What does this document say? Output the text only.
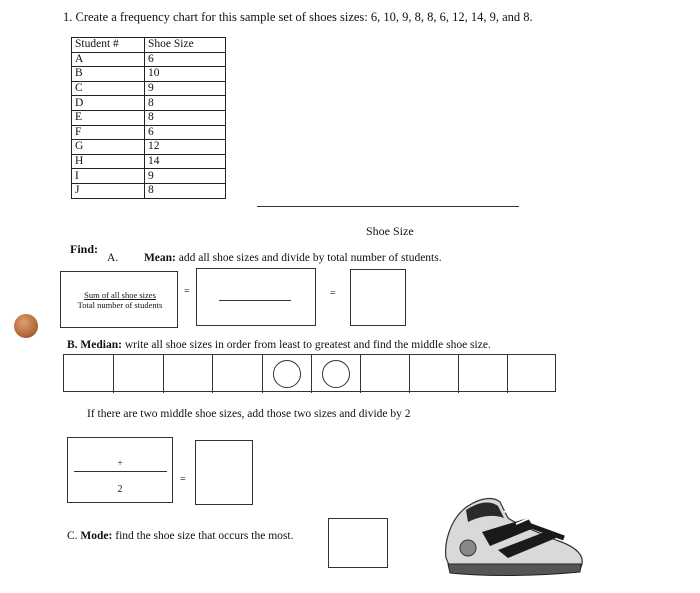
1. Create a frequency chart for this sample set of shoes sizes: 6, 10, 9, 8, 8, 6, 12, 14, 9, and 8.
Student #	Shoe Size
A	6
B	10
C	9
D	8
E	8
F	6
G	12
H	14
I	9
J	8
Shoe Size
Find:
A. Mean: add all shoe sizes and divide by total number of students.
Sum of all shoe sizes
Total number of students
=	=
B. Median: write all shoe sizes in order from least to greatest and find the middle shoe size.
If there are two middle shoe sizes, add those two sizes and divide by 2
+
2
=
C. Mode: find the shoe size that occurs the most.
